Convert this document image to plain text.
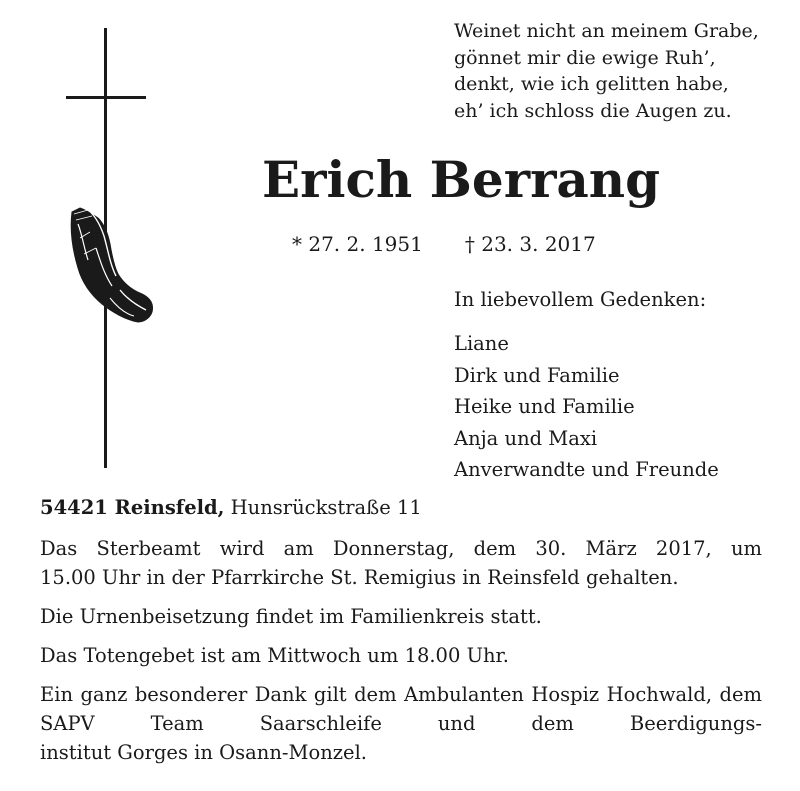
Weinet nicht an meinem Grabe,
gönnet mir die ewige Ruh’,
denkt, wie ich gelitten habe,
eh’ ich schloss die Augen zu.
Erich Berrang
* 27. 2. 1951 † 23. 3. 2017
In liebevollem Gedenken:
Liane
Dirk und Familie
Heike und Familie
Anja und Maxi
Anverwandte und Freunde
54421 Reinsfeld, Hunsrückstraße 11

Das Sterbeamt wird am Donnerstag, dem 30. März 2017, um
15.00 Uhr in der Pfarrkirche St. Remigius in Reinsfeld gehalten.

Die Urnenbeisetzung findet im Familienkreis statt.

Das Totengebet ist am Mittwoch um 18.00 Uhr.

Ein ganz besonderer Dank gilt dem Ambulanten Hospiz Hochwald, dem SAPV Team Saarschleife und dem Beerdigungs-
institut Gorges in Osann-Monzel.
